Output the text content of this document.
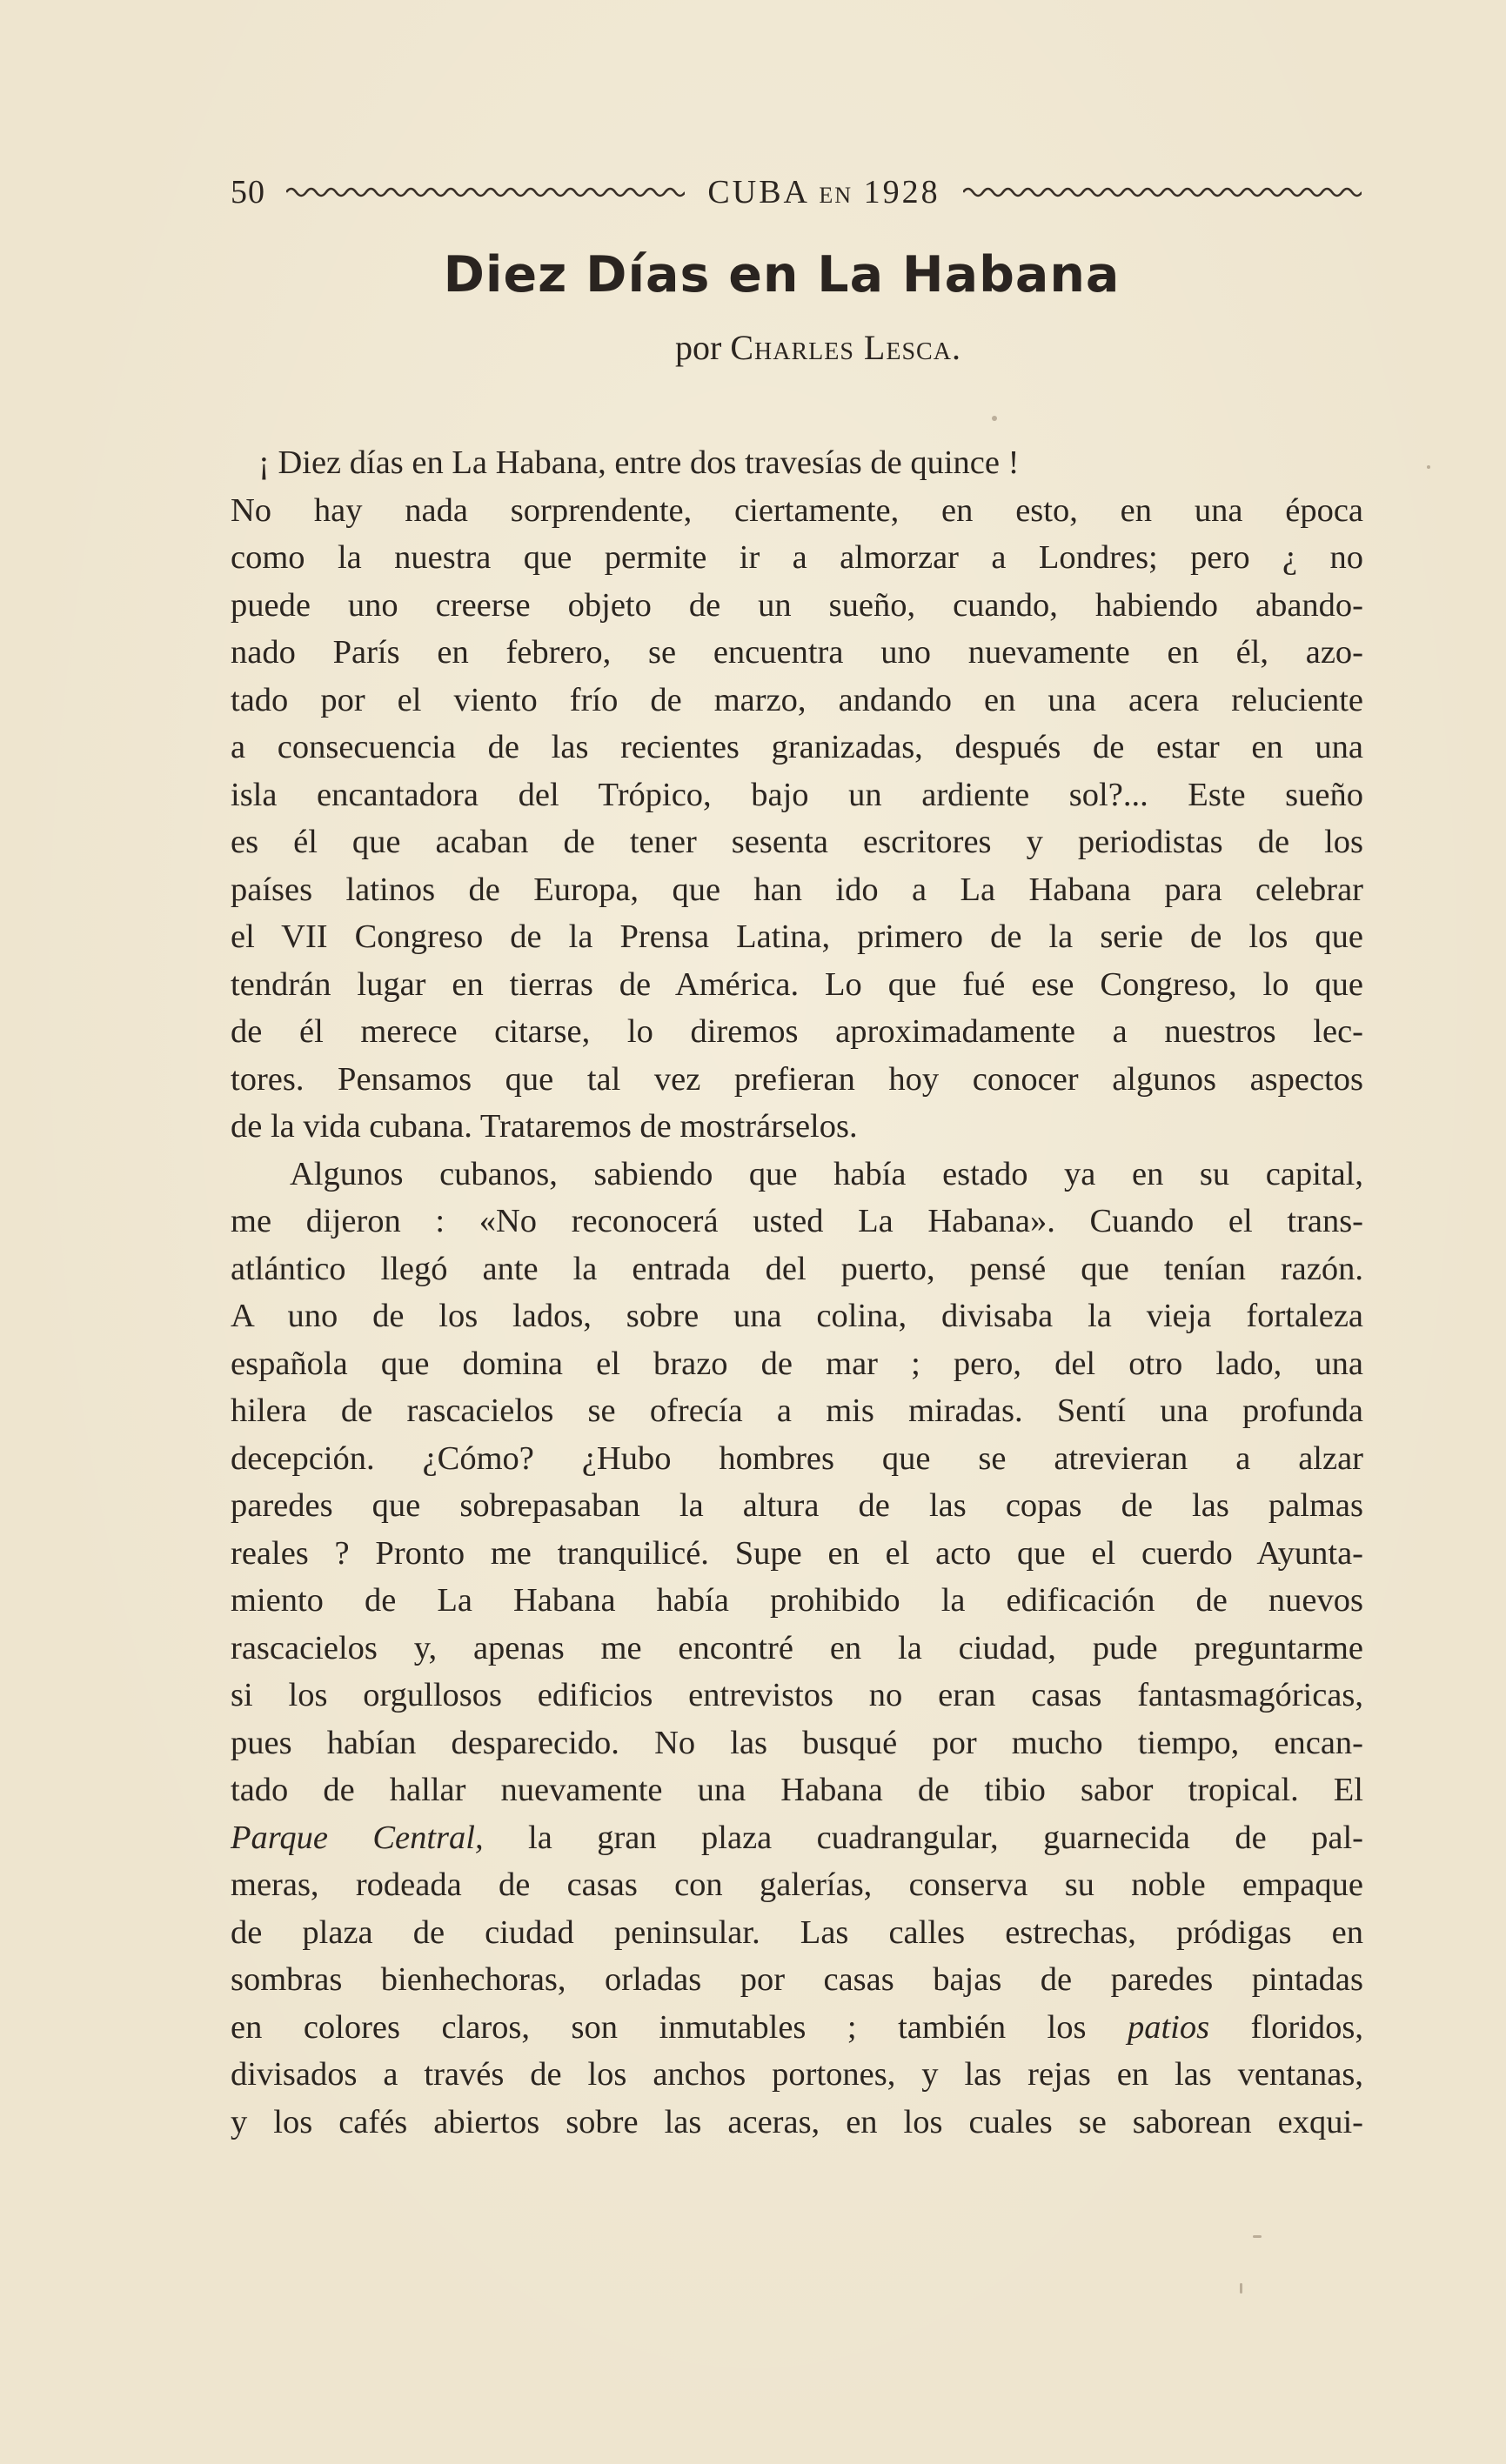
50	CUBA EN 1928
Diez Días en La Habana
por Charles Lesca.

¡ Diez días en La Habana, entre dos travesías de quince !
No hay nada sorprendente, ciertamente, en esto, en una época
como la nuestra que permite ir a almorzar a Londres; pero ¿ no
puede uno creerse objeto de un sueño, cuando, habiendo abando-
nado París en febrero, se encuentra uno nuevamente en él, azo-
tado por el viento frío de marzo, andando en una acera reluciente
a consecuencia de las recientes granizadas, después de estar en una
isla encantadora del Trópico, bajo un ardiente sol?... Este sueño
es él que acaban de tener sesenta escritores y periodistas de los
países latinos de Europa, que han ido a La Habana para celebrar
el VII Congreso de la Prensa Latina, primero de la serie de los que
tendrán lugar en tierras de América. Lo que fué ese Congreso, lo que
de él merece citarse, lo diremos aproximadamente a nuestros lec-
tores. Pensamos que tal vez prefieran hoy conocer algunos aspectos
de la vida cubana. Trataremos de mostrárselos.

Algunos cubanos, sabiendo que había estado ya en su capital,
me dijeron : «No reconocerá usted La Habana». Cuando el trans-
atlántico llegó ante la entrada del puerto, pensé que tenían razón.
A uno de los lados, sobre una colina, divisaba la vieja fortaleza
española que domina el brazo de mar ; pero, del otro lado, una
hilera de rascacielos se ofrecía a mis miradas. Sentí una profunda
decepción. ¿Cómo? ¿Hubo hombres que se atrevieran a alzar
paredes que sobrepasaban la altura de las copas de las palmas
reales ? Pronto me tranquilicé. Supe en el acto que el cuerdo Ayunta-
miento de La Habana había prohibido la edificación de nuevos
rascacielos y, apenas me encontré en la ciudad, pude preguntarme
si los orgullosos edificios entrevistos no eran casas fantasmagóricas,
pues habían desparecido. No las busqué por mucho tiempo, encan-
tado de hallar nuevamente una Habana de tibio sabor tropical. El
Parque Central, la gran plaza cuadrangular, guarnecida de pal-
meras, rodeada de casas con galerías, conserva su noble empaque
de plaza de ciudad peninsular. Las calles estrechas, pródigas en
sombras bienhechoras, orladas por casas bajas de paredes pintadas
en colores claros, son inmutables ; también los patios floridos,
divisados a través de los anchos portones, y las rejas en las ventanas,
y los cafés abiertos sobre las aceras, en los cuales se saborean exqui-
